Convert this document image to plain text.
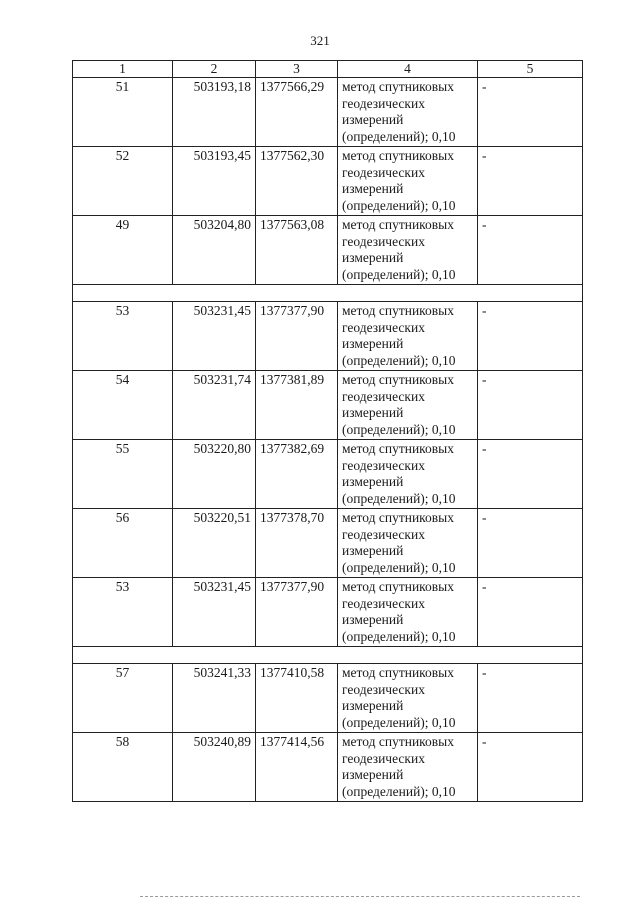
321
1	2	3	4	5
51	503193,18	1377566,29	метод спутниковых геодезических измерений (определений); 0,10	-
52	503193,45	1377562,30	метод спутниковых геодезических измерений (определений); 0,10	-
49	503204,80	1377563,08	метод спутниковых геодезических измерений (определений); 0,10	-

53	503231,45	1377377,90	метод спутниковых геодезических измерений (определений); 0,10	-
54	503231,74	1377381,89	метод спутниковых геодезических измерений (определений); 0,10	-
55	503220,80	1377382,69	метод спутниковых геодезических измерений (определений); 0,10	-
56	503220,51	1377378,70	метод спутниковых геодезических измерений (определений); 0,10	-
53	503231,45	1377377,90	метод спутниковых геодезических измерений (определений); 0,10	-

57	503241,33	1377410,58	метод спутниковых геодезических измерений (определений); 0,10	-
58	503240,89	1377414,56	метод спутниковых геодезических измерений (определений); 0,10	-
